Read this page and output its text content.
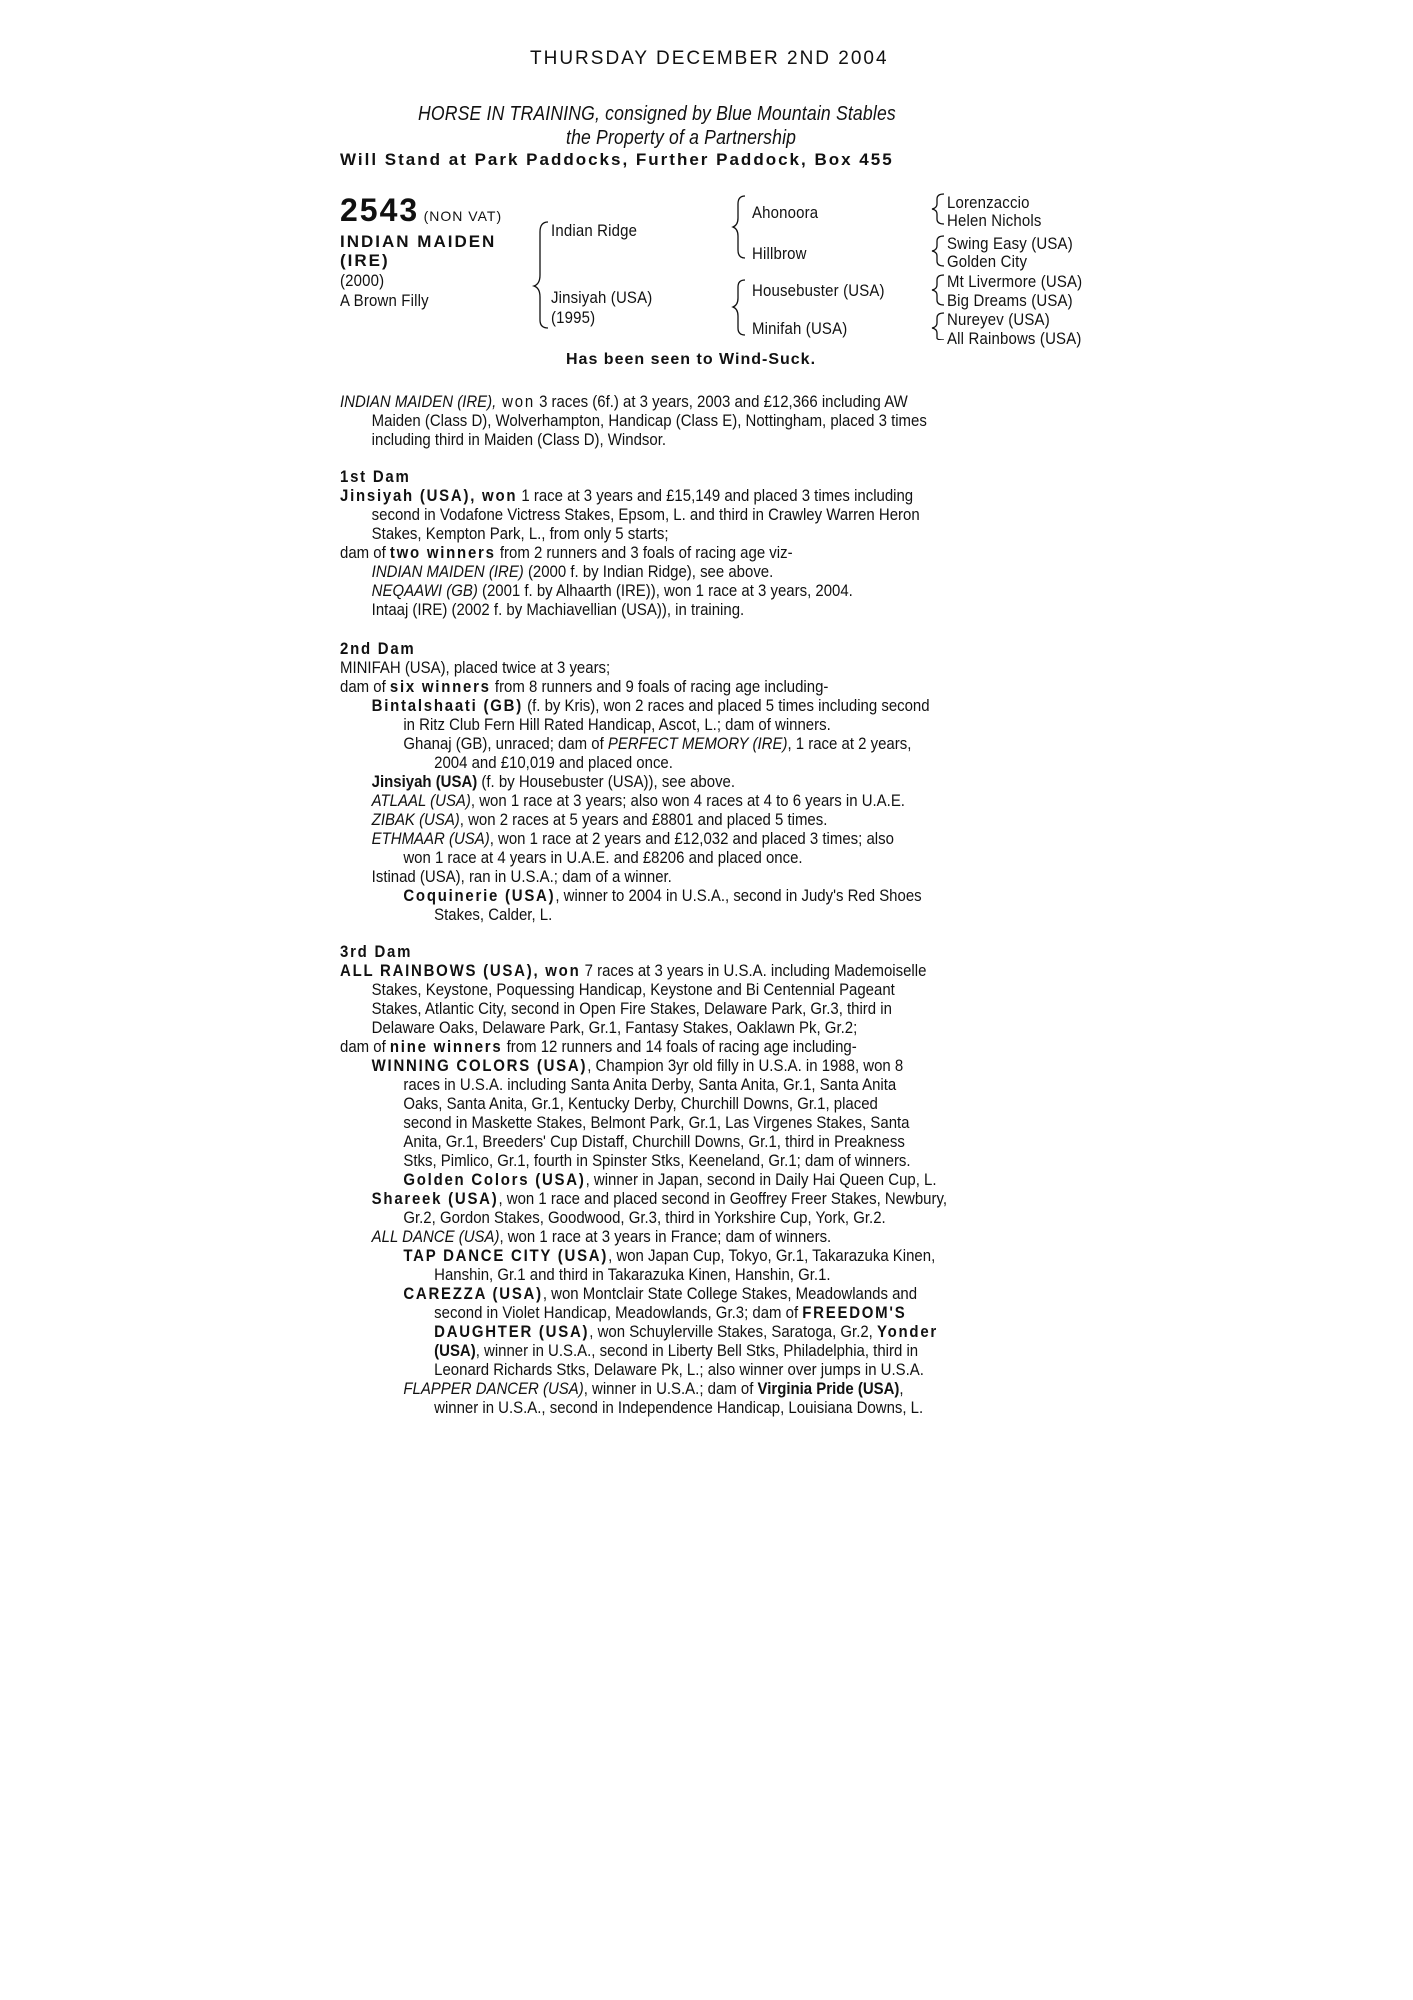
THURSDAY DECEMBER 2ND 2004
HORSE IN TRAINING, consigned by Blue Mountain Stables
the Property of a Partnership
Will Stand at Park Paddocks, Further Paddock, Box 455
2543 (NON VAT)
INDIAN MAIDEN
(IRE)
(2000)
A Brown Filly
Indian Ridge
Jinsiyah (USA)
(1995)
Ahonoora
Hillbrow
Housebuster (USA)
Minifah (USA)
Lorenzaccio
Helen Nichols
Swing Easy (USA)
Golden City
Mt Livermore (USA)
Big Dreams (USA)
Nureyev (USA)
All Rainbows (USA)
Has been seen to Wind-Suck.
INDIAN MAIDEN (IRE), won 3 races (6f.) at 3 years, 2003 and £12,366 including AW
Maiden (Class D), Wolverhampton, Handicap (Class E), Nottingham, placed 3 times
including third in Maiden (Class D), Windsor.
1st Dam
Jinsiyah (USA), won 1 race at 3 years and £15,149 and placed 3 times including
second in Vodafone Victress Stakes, Epsom, L. and third in Crawley Warren Heron
Stakes, Kempton Park, L., from only 5 starts;
dam of two winners from 2 runners and 3 foals of racing age viz-
INDIAN MAIDEN (IRE) (2000 f. by Indian Ridge), see above.
NEQAAWI (GB) (2001 f. by Alhaarth (IRE)), won 1 race at 3 years, 2004.
Intaaj (IRE) (2002 f. by Machiavellian (USA)), in training.
2nd Dam
MINIFAH (USA), placed twice at 3 years;
dam of six winners from 8 runners and 9 foals of racing age including-
Bintalshaati (GB) (f. by Kris), won 2 races and placed 5 times including second
in Ritz Club Fern Hill Rated Handicap, Ascot, L.; dam of winners.
Ghanaj (GB), unraced; dam of PERFECT MEMORY (IRE), 1 race at 2 years,
2004 and £10,019 and placed once.
Jinsiyah (USA) (f. by Housebuster (USA)), see above.
ATLAAL (USA), won 1 race at 3 years; also won 4 races at 4 to 6 years in U.A.E.
ZIBAK (USA), won 2 races at 5 years and £8801 and placed 5 times.
ETHMAAR (USA), won 1 race at 2 years and £12,032 and placed 3 times; also
won 1 race at 4 years in U.A.E. and £8206 and placed once.
Istinad (USA), ran in U.S.A.; dam of a winner.
Coquinerie (USA), winner to 2004 in U.S.A., second in Judy's Red Shoes
Stakes, Calder, L.
3rd Dam
ALL RAINBOWS (USA), won 7 races at 3 years in U.S.A. including Mademoiselle
Stakes, Keystone, Poquessing Handicap, Keystone and Bi Centennial Pageant
Stakes, Atlantic City, second in Open Fire Stakes, Delaware Park, Gr.3, third in
Delaware Oaks, Delaware Park, Gr.1, Fantasy Stakes, Oaklawn Pk, Gr.2;
dam of nine winners from 12 runners and 14 foals of racing age including-
WINNING COLORS (USA), Champion 3yr old filly in U.S.A. in 1988, won 8
races in U.S.A. including Santa Anita Derby, Santa Anita, Gr.1, Santa Anita
Oaks, Santa Anita, Gr.1, Kentucky Derby, Churchill Downs, Gr.1, placed
second in Maskette Stakes, Belmont Park, Gr.1, Las Virgenes Stakes, Santa
Anita, Gr.1, Breeders' Cup Distaff, Churchill Downs, Gr.1, third in Preakness
Stks, Pimlico, Gr.1, fourth in Spinster Stks, Keeneland, Gr.1; dam of winners.
Golden Colors (USA), winner in Japan, second in Daily Hai Queen Cup, L.
Shareek (USA), won 1 race and placed second in Geoffrey Freer Stakes, Newbury,
Gr.2, Gordon Stakes, Goodwood, Gr.3, third in Yorkshire Cup, York, Gr.2.
ALL DANCE (USA), won 1 race at 3 years in France; dam of winners.
TAP DANCE CITY (USA), won Japan Cup, Tokyo, Gr.1, Takarazuka Kinen,
Hanshin, Gr.1 and third in Takarazuka Kinen, Hanshin, Gr.1.
CAREZZA (USA), won Montclair State College Stakes, Meadowlands and
second in Violet Handicap, Meadowlands, Gr.3; dam of FREEDOM'S
DAUGHTER (USA), won Schuylerville Stakes, Saratoga, Gr.2, Yonder
(USA), winner in U.S.A., second in Liberty Bell Stks, Philadelphia, third in
Leonard Richards Stks, Delaware Pk, L.; also winner over jumps in U.S.A.
FLAPPER DANCER (USA), winner in U.S.A.; dam of Virginia Pride (USA),
winner in U.S.A., second in Independence Handicap, Louisiana Downs, L.
